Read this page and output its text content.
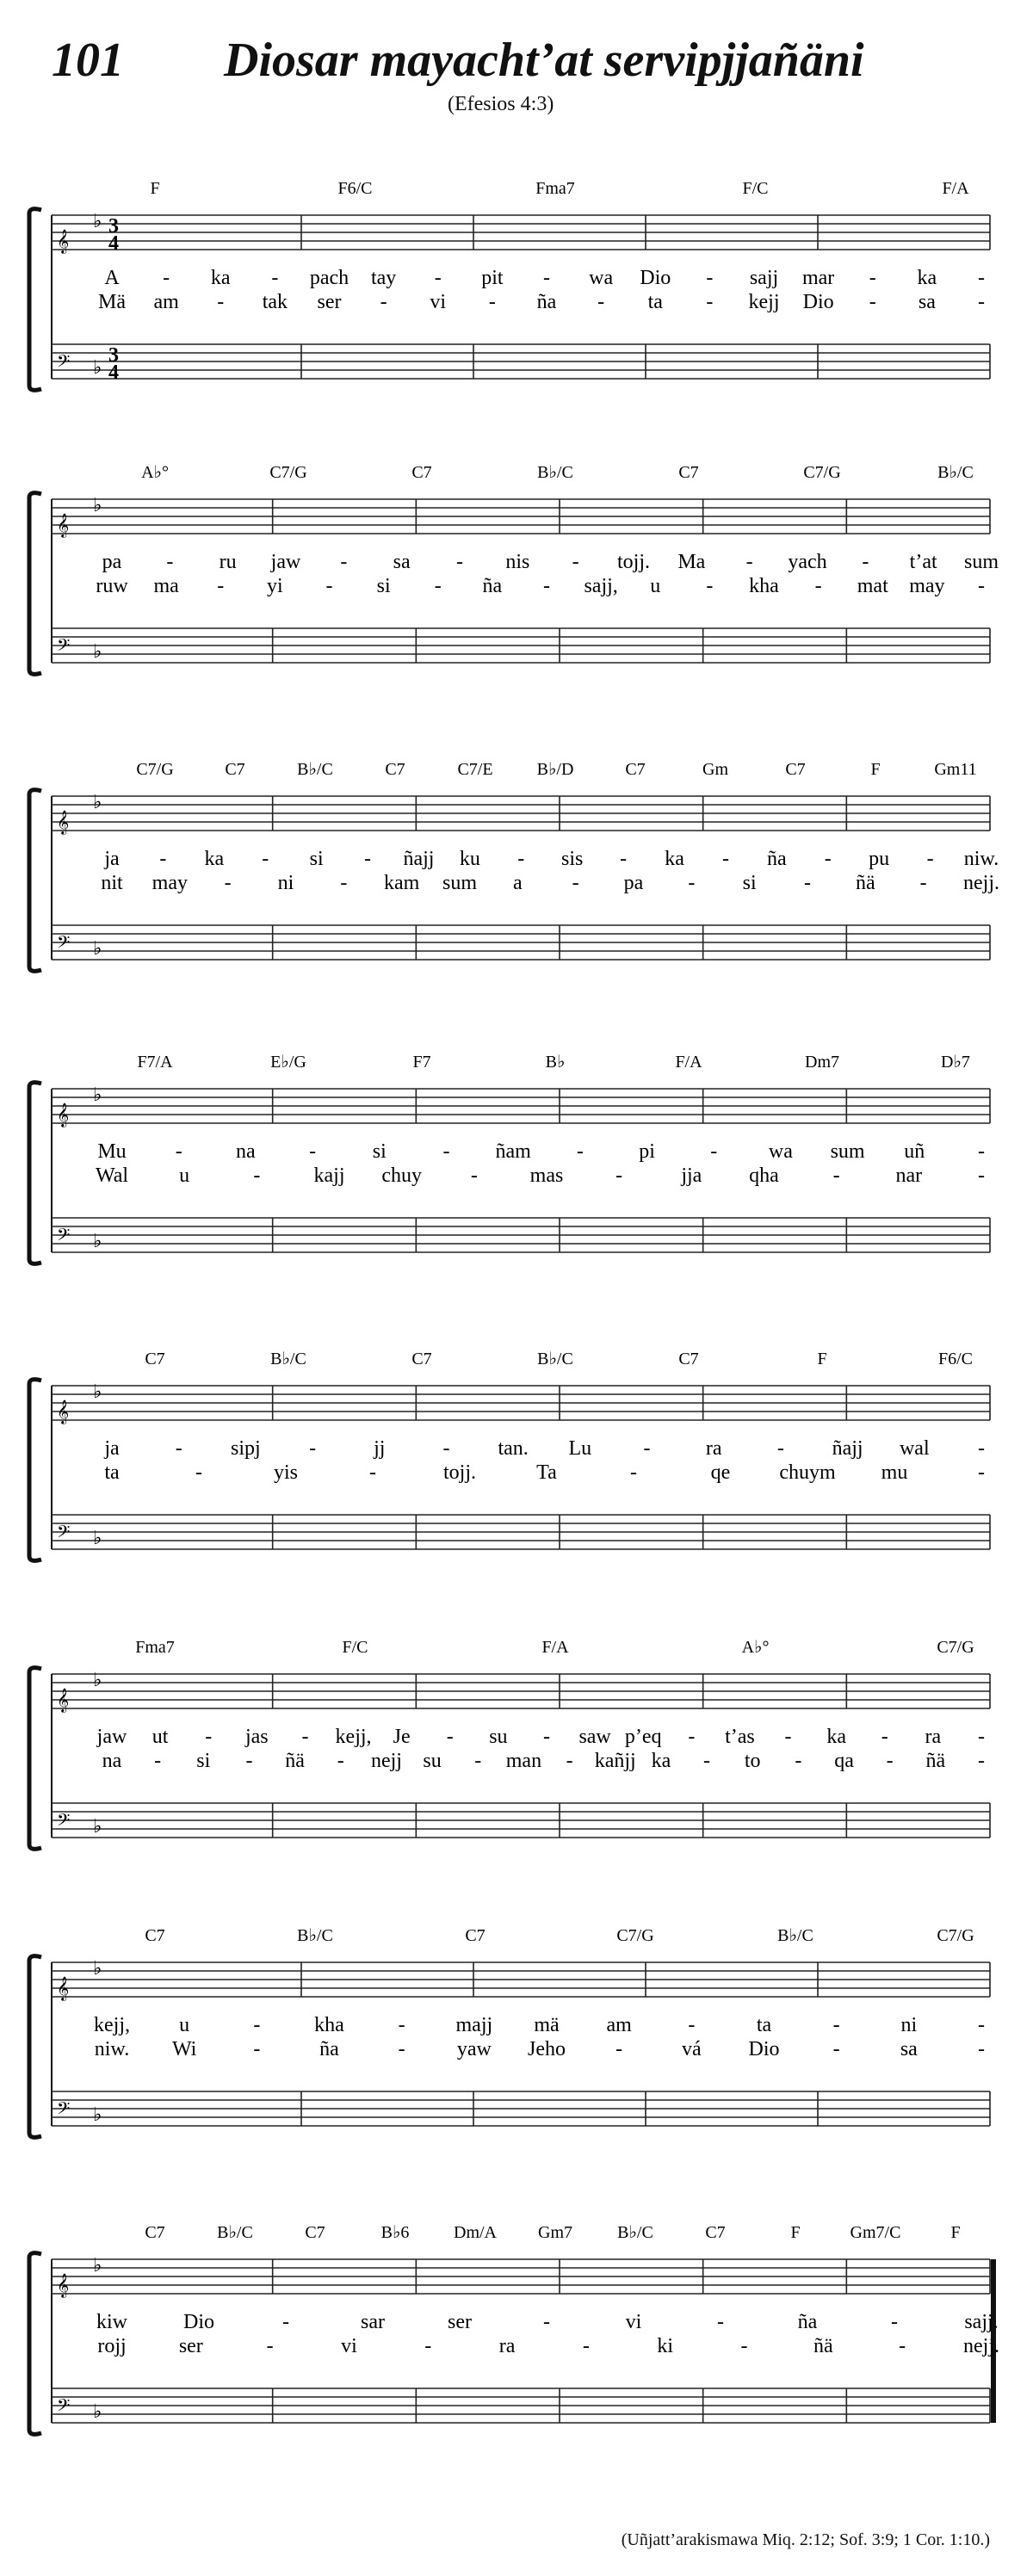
101 Diosar mayacht’at servipjjañäni
(Efesios 4:3)
𝄞
𝄢
♭
♭
3
4
3
4
F	F6/C	Fma7	F/C	F/A
A - ka - pach tay - pit - wa Dio - sajj mar - ka -
Mä am - tak ser - vi - ña - ta - kejj Dio - sa -
𝄞
𝄢
♭
♭
A♭°	C7/G	C7	B♭/C	C7	C7/G	B♭/C
pa - ru jaw - sa - nis - tojj. Ma - yach - t’at sum
ruw ma - yi - si - ña - sajj, u - kha - mat may -
𝄞
𝄢
♭
♭
C7/G	C7	B♭/C	C7	C7/E	B♭/D	C7	Gm	C7	F	Gm11
ja - ka - si - ñajj ku - sis - ka - ña - pu - niw.
nit may - ni - kam sum a - pa - si - ñä - nejj.
𝄞
𝄢
♭
♭
F7/A	E♭/G	F7	B♭	F/A	Dm7	D♭7
Mu -	na	-	si	- ñam -	pi	- wa sum uñ	-
Wal u	-	kajj chuy -	mas	-	jja qha	-	nar	-
𝄞
𝄢
♭
♭
C7	B♭/C	C7	B♭/C	C7	F	F6/C
ja	- sipj -	jj	- tan. Lu	-	ra	- ñajj wal -
ta	-	yis	-	tojj.	Ta	-	qe chuym mu	-
𝄞
𝄢
♭
♭
Fma7	F/C	F/A	A♭°	C7/G
jaw ut - jas - kejj, Je - su - saw p’eq - t’as - ka - ra -
na - si - ñä - nejj su - man - kañjj ka - to - qa - ñä -
𝄞
𝄢
♭
♭
C7	B♭/C	C7	C7/G	B♭/C	C7/G
kejj, u	-	kha	- majj mä am	-	ta	-	ni	-
niw. Wi	-	ña	-	yaw Jeho -	vá Dio	-	sa	-
𝄞
𝄢
♭
♭
C7	B♭/C	C7	B♭6	Dm/A Gm7	B♭/C	C7	F	Gm7/C	F
kiw	Dio	-	sar	ser	-	vi	-	ña	-	sajj.
rojj	ser	-	vi	-	ra	-	ki	-	ñä	-	nejj.
(Uñjatt’arakismawa Miq. 2:12; Sof. 3:9; 1 Cor. 1:10.)
